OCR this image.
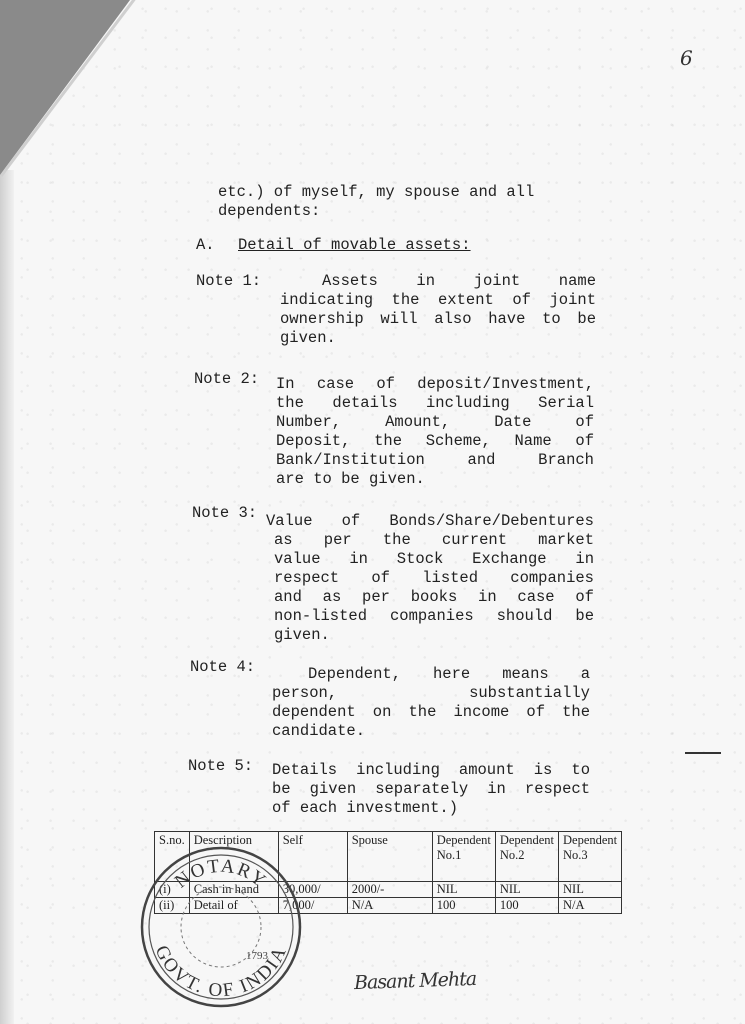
6
etc.) of myself, my spouse and all
dependents:
A. Detail of movable assets:
Note 1:	Assets in joint name
indicating the extent of joint
ownership will also have to be
given.
Note 2: In case of deposit/Investment,
the details including Serial
Number, Amount, Date of
Deposit, the Scheme, Name of
Bank/Institution and Branch
are to be given.
Note 3: Value of Bonds/Share/Debentures
as per the current market
value in Stock Exchange in
respect of listed companies
and as per books in case of
non-listed companies should be
given.
Note 4:	Dependent, here means a
person, substantially
dependent on the income of the
candidate.
Note 5: Details including amount is to
be given separately in respect
of each investment.)
S.no.	Description	Self	Spouse	Dependent No.1	Dependent No.2	Dependent No.3
(i)	Cash in hand	30,000/	2000/-	NIL	NIL	NIL
(ii)	Detail of	7,000/	N/A	100	100	N/A
NOTARY
GOVT. OF INDIA
1793
Basant Mehta
